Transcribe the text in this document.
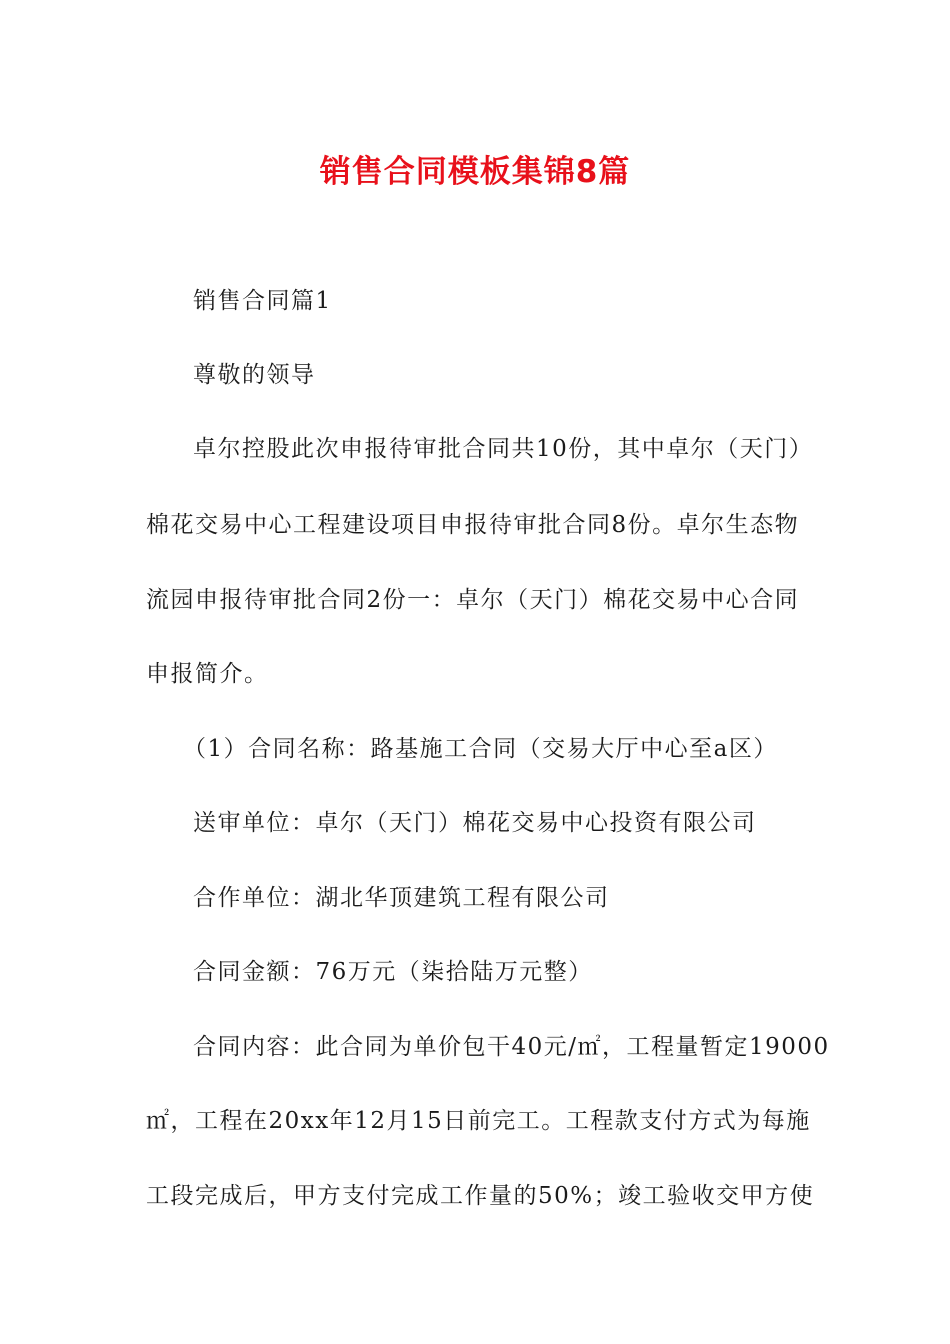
销售合同模板集锦8篇

销售合同篇1

尊敬的领导

卓尔控股此次申报待审批合同共10份，其中卓尔（天门）

棉花交易中心工程建设项目申报待审批合同8份。卓尔生态物

流园申报待审批合同2份一：卓尔（天门）棉花交易中心合同

申报简介。

（1）合同名称：路基施工合同（交易大厅中心至a区）

送审单位：卓尔（天门）棉花交易中心投资有限公司

合作单位：湖北华顶建筑工程有限公司

合同金额：76万元（柒拾陆万元整）

合同内容：此合同为单价包干40元/㎡，工程量暂定19000

㎡，工程在20xx年12月15日前完工。工程款支付方式为每施

工段完成后，甲方支付完成工作量的50%；竣工验收交甲方使
